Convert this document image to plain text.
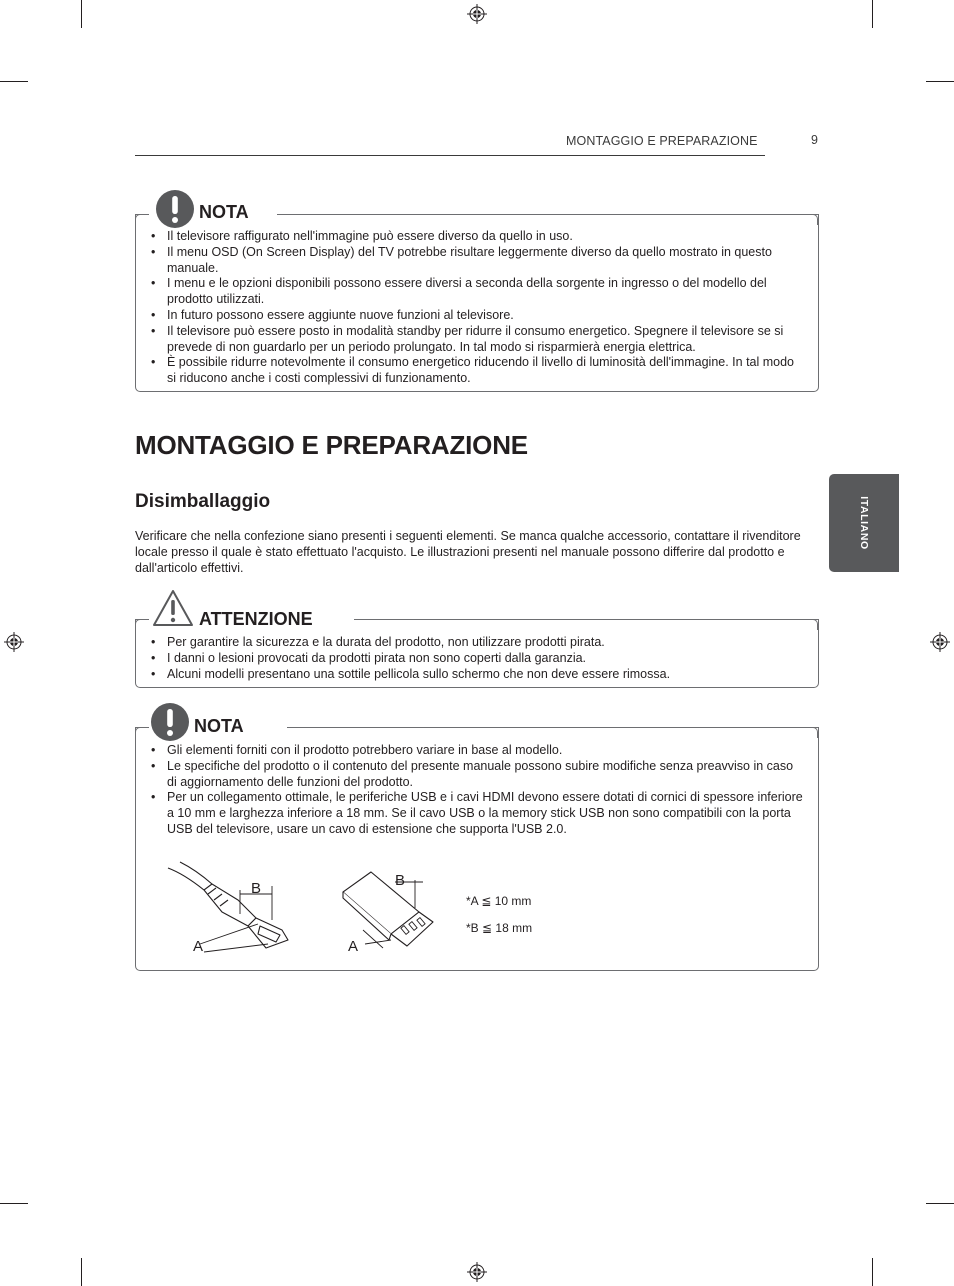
MONTAGGIO E PREPARAZIONE	9
ITALIANO
NOTA
• Il televisore raffigurato nell'immagine può essere diverso da quello in uso.
• Il menu OSD (On Screen Display) del TV potrebbe risultare leggermente diverso da quello mostrato in questo manuale.
• I menu e le opzioni disponibili possono essere diversi a seconda della sorgente in ingresso o del modello del prodotto utilizzati.
• In futuro possono essere aggiunte nuove funzioni al televisore.
• Il televisore può essere posto in modalità standby per ridurre il consumo energetico. Spegnere il televisore se si prevede di non guardarlo per un periodo prolungato. In tal modo si risparmierà energia elettrica.
• È possibile ridurre notevolmente il consumo energetico riducendo il livello di luminosità dell'immagine. In tal modo si riducono anche i costi complessivi di funzionamento.
MONTAGGIO E PREPARAZIONE
Disimballaggio
Verificare che nella confezione siano presenti i seguenti elementi. Se manca qualche accessorio, contattare il rivenditore locale presso il quale è stato effettuato l'acquisto. Le illustrazioni presenti nel manuale possono differire dal prodotto e dall'articolo effettivi.
ATTENZIONE
• Per garantire la sicurezza e la durata del prodotto, non utilizzare prodotti pirata.
• I danni o lesioni provocati da prodotti pirata non sono coperti dalla garanzia.
• Alcuni modelli presentano una sottile pellicola sullo schermo che non deve essere rimossa.
NOTA
• Gli elementi forniti con il prodotto potrebbero variare in base al modello.
• Le specifiche del prodotto o il contenuto del presente manuale possono subire modifiche senza preavviso in caso di aggiornamento delle funzioni del prodotto.
• Per un collegamento ottimale, le periferiche USB e i cavi HDMI devono essere dotati di cornici di spessore inferiore a 10 mm e larghezza inferiore a 18 mm. Se il cavo USB o la memory stick USB non sono compatibili con la porta USB del televisore, usare un cavo di estensione che supporta l'USB 2.0.
B
A
B
A
*A ≦ 10 mm
*B ≦ 18 mm
